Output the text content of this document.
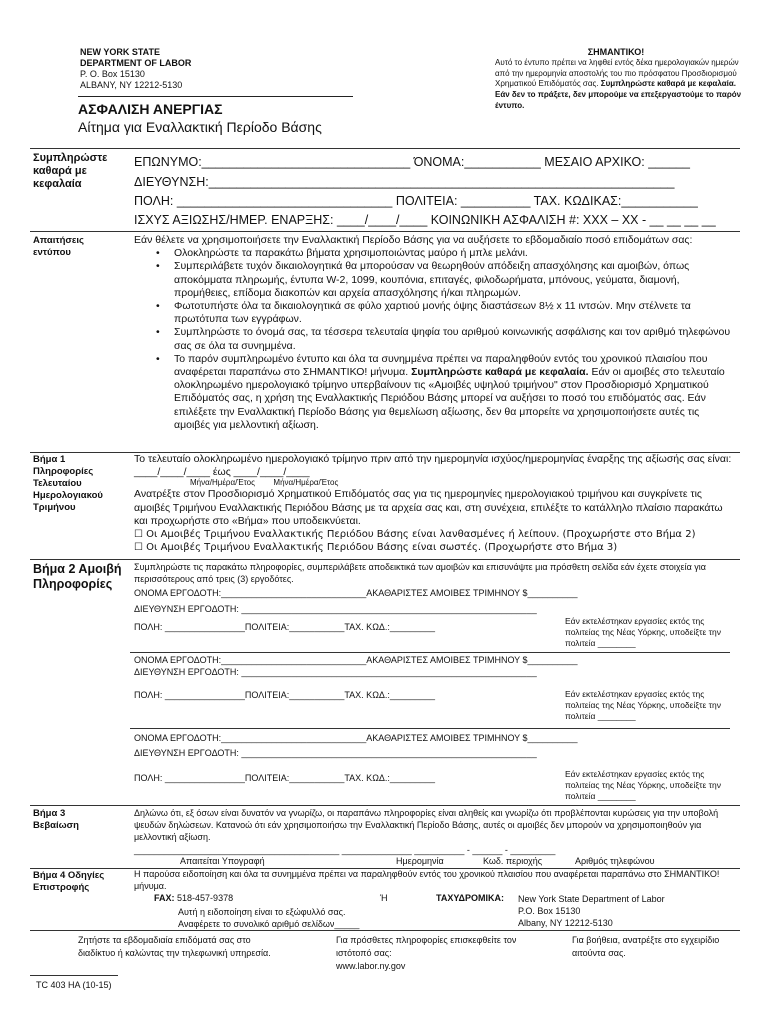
NEW YORK STATE
DEPARTMENT OF LABOR
P. O. Box 15130
ALBANY, NY 12212-5130
ΑΣΦΑΛΙΣΗ ΑΝΕΡΓΙΑΣ
Αίτημα για Εναλλακτική Περίοδο Βάσης
ΣΗΜΑΝΤΙΚΟ!
Αυτό το έντυπο πρέπει να ληφθεί εντός δέκα ημερολογιακών ημερών από την ημερομηνία αποστολής του πιο πρόσφατου Προσδιορισμού Χρηματικού Επιδόματός σας. Συμπληρώστε καθαρά με κεφαλαία. Εάν δεν το πράξετε, δεν μπορούμε να επεξεργαστούμε το παρόν έντυπο.
Συμπληρώστε καθαρά με κεφαλαία
ΕΠΩΝΥΜΟ:______________________________ ΌΝΟΜΑ:___________ ΜΕΣΑΙΟ ΑΡΧΙΚΟ: ______
ΔΙΕΥΘΥΝΣΗ:___________________________________________________________________
ΠΟΛΗ: _______________________________ ΠΟΛΙΤΕΙΑ: __________ ΤΑΧ. ΚΩΔΙΚΑΣ:___________
ΙΣΧΥΣ ΑΞΙΩΣΗΣ/ΗΜΕΡ. ΕΝΑΡΞΗΣ: ____/____/____ ΚΟΙΝΩΝΙΚΗ ΑΣΦΑΛΙΣΗ #: XXX – XX - __ __ __ __
Απαιτήσεις εντύπου
Εάν θέλετε να χρησιμοποιήσετε την Εναλλακτική Περίοδο Βάσης για να αυξήσετε το εβδομαδιαίο ποσό επιδομάτων σας:
• Ολοκληρώστε τα παρακάτω βήματα χρησιμοποιώντας μαύρο ή μπλε μελάνι.
• Συμπεριλάβετε τυχόν δικαιολογητικά θα μπορούσαν να θεωρηθούν απόδειξη απασχόλησης και αμοιβών, όπως αποκόμματα πληρωμής, έντυπα W-2, 1099, κουπόνια, επιταγές, φιλοδωρήματα, μπόνους, γεύματα, διαμονή, προμήθειες, επίδομα διακοπών και αρχεία απασχόλησης ή/και πληρωμών.
• Φωτοτυπήστε όλα τα δικαιολογητικά σε φύλο χαρτιού μονής όψης διαστάσεων 8½ x 11 ιντσών. Μην στέλνετε τα πρωτότυπα των εγγράφων.
• Συμπληρώστε το όνομά σας, τα τέσσερα τελευταία ψηφία του αριθμού κοινωνικής ασφάλισης και τον αριθμό τηλεφώνου σας σε όλα τα συνημμένα.
• Το παρόν συμπληρωμένο έντυπο και όλα τα συνημμένα πρέπει να παραληφθούν εντός του χρονικού πλαισίου που αναφέρεται παραπάνω στο ΣΗΜΑΝΤΙΚΟ! μήνυμα. Συμπληρώστε καθαρά με κεφαλαία. Εάν οι αμοιβές στο τελευταίο ολοκληρωμένο ημερολογιακό τρίμηνο υπερβαίνουν τις «Αμοιβές υψηλού τριμήνου" στον Προσδιορισμό Χρηματικού Επιδόματός σας, η χρήση της Εναλλακτικής Περιόδου Βάσης μπορεί να αυξήσει το ποσό του επιδόματός σας. Εάν επιλέξετε την Εναλλακτική Περίοδο Βάσης για θεμελίωση αξίωσης, δεν θα μπορείτε να χρησιμοποιήσετε αυτές τις αμοιβές για μελλοντική αξίωση.
Βήμα 1 Πληροφορίες Τελευταίου Ημερολογιακού Τριμήνου
Το τελευταίο ολοκληρωμένο ημερολογιακό τρίμηνο πριν από την ημερομηνία ισχύος/ημερομηνίας έναρξης της αξίωσής σας είναι: ____/____/____ έως ____/____/____
Μήνα/Ημέρα/Έτος Μήνα/Ημέρα/Έτος
Ανατρέξτε στον Προσδιορισμό Χρηματικού Επιδόματός σας για τις ημερομηνίες ημερολογιακού τριμήνου και συγκρίνετε τις αμοιβές Τριμήνου Εναλλακτικής Περιόδου Βάσης με τα αρχεία σας και, στη συνέχεια, επιλέξτε το κατάλληλο πλαίσιο παρακάτω και προχωρήστε στο «Βήμα» που υποδεικνύεται.
☐ Οι Αμοιβές Τριμήνου Εναλλακτικής Περιόδου Βάσης είναι λανθασμένες ή λείπουν. (Προχωρήστε στο Βήμα 2)
☐ Οι Αμοιβές Τριμήνου Εναλλακτικής Περιόδου Βάσης είναι σωστές. (Προχωρήστε στο Βήμα 3)
Βήμα 2 Αμοιβή Πληροφορίες
Συμπληρώστε τις παρακάτω πληροφορίες, συμπεριλάβετε αποδεικτικά των αμοιβών και επισυνάψτε μια πρόσθετη σελίδα εάν έχετε στοιχεία για περισσότερους από τρεις (3) εργοδότες.
ΟΝΟΜΑ ΕΡΓΟΔΟΤΗ:_____________________________ΑΚΑΘΑΡΙΣΤΕΣ ΑΜΟΙΒΕΣ ΤΡΙΜΗΝΟΥ $__________
ΔΙΕΥΘΥΝΣΗ ΕΡΓΟΔΟΤΗ: ___________________________________________________________
ΠΟΛΗ: ________________ΠΟΛΙΤΕΙΑ:___________ΤΑΧ. ΚΩΔ.:_________
Εάν εκτελέστηκαν εργασίες εκτός της πολιτείας της Νέας Υόρκης, υποδείξτε την πολιτεία ________
ΟΝΟΜΑ ΕΡΓΟΔΟΤΗ:_____________________________ΑΚΑΘΑΡΙΣΤΕΣ ΑΜΟΙΒΕΣ ΤΡΙΜΗΝΟΥ $__________
ΔΙΕΥΘΥΝΣΗ ΕΡΓΟΔΟΤΗ: ___________________________________________________________
ΠΟΛΗ: ________________ΠΟΛΙΤΕΙΑ:___________ΤΑΧ. ΚΩΔ.:_________	Εάν εκτελέστηκαν εργασίες εκτός της πολιτείας της Νέας Υόρκης, υποδείξτε την πολιτεία ________
ΟΝΟΜΑ ΕΡΓΟΔΟΤΗ:_____________________________ΑΚΑΘΑΡΙΣΤΕΣ ΑΜΟΙΒΕΣ ΤΡΙΜΗΝΟΥ $__________
ΔΙΕΥΘΥΝΣΗ ΕΡΓΟΔΟΤΗ: ___________________________________________________________
ΠΟΛΗ: ________________ΠΟΛΙΤΕΙΑ:___________ΤΑΧ. ΚΩΔ.:_________	Εάν εκτελέστηκαν εργασίες εκτός της πολιτείας της Νέας Υόρκης, υποδείξτε την πολιτεία ________
Βήμα 3 Βεβαίωση
Δηλώνω ότι, εξ όσων είναι δυνατόν να γνωρίζω, οι παραπάνω πληροφορίες είναι αληθείς και γνωρίζω ότι προβλέπονται κυρώσεις για την υποβολή ψευδών δηλώσεων. Κατανοώ ότι εάν χρησιμοποιήσω την Εναλλακτική Περίοδο Βάσης, αυτές οι αμοιβές δεν μπορούν να χρησιμοποιηθούν για μελλοντική αξίωση.
_________________________________________ ______________ __________ - ______ - _________
Απαιτείται Υπογραφή	Ημερομηνία	Κωδ. περιοχής	Αριθμός τηλεφώνου
Βήμα 4 Οδηγίες Επιστροφής
Η παρούσα ειδοποίηση και όλα τα συνημμένα πρέπει να παραληφθούν εντός του χρονικού πλαισίου που αναφέρεται παραπάνω στο ΣΗΜΑΝΤΙΚΟ! μήνυμα.
FAX: 518-457-9378	Ή	ΤΑΧΥΔΡΟΜΙΚΑ: New York State Department of Labor
P.O. Box 15130
Albany, NY 12212-5130
Αυτή η ειδοποίηση είναι το εξώφυλλό σας.
Αναφέρετε το συνολικό αριθμό σελίδων_____
Ζητήστε τα εβδομαδιαία επιδόματά σας στο διαδίκτυο ή καλώντας την τηλεφωνική υπηρεσία.
Για πρόσθετες πληροφορίες επισκεφθείτε τον ιστότοπό σας:
www.labor.ny.gov
Για βοήθεια, ανατρέξτε στο εγχειρίδιο αιτούντα σας.
TC 403 HA (10-15)
